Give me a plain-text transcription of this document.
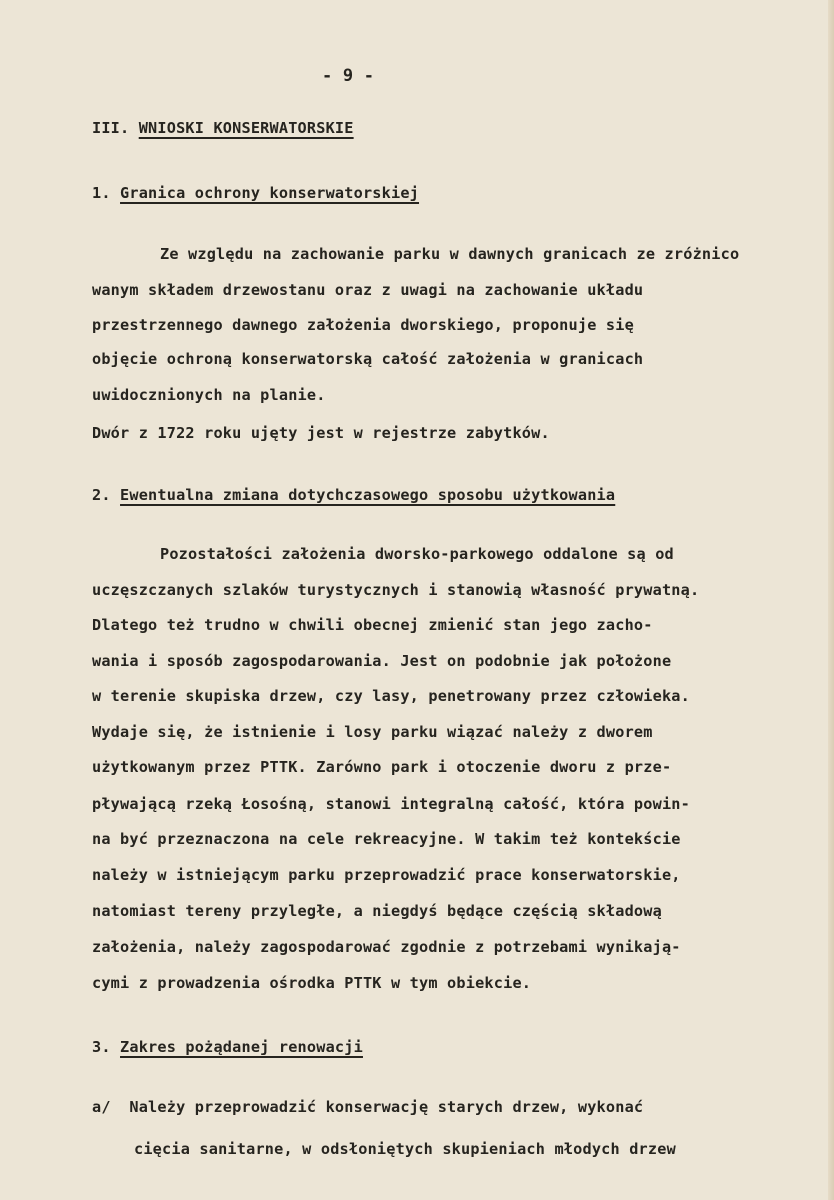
- 9 -
III. WNIOSKI KONSERWATORSKIE
1. Granica ochrony konserwatorskiej
Ze względu na zachowanie parku w dawnych granicach ze zróżnico
wanym składem drzewostanu oraz z uwagi na zachowanie układu
przestrzennego dawnego założenia dworskiego, proponuje się
objęcie ochroną konserwatorską całość założenia w granicach
uwidocznionych na planie.
Dwór z 1722 roku ujęty jest w rejestrze zabytków.
2. Ewentualna zmiana dotychczasowego sposobu użytkowania
Pozostałości założenia dworsko-parkowego oddalone są od
uczęszczanych szlaków turystycznych i stanowią własność prywatną.
Dlatego też trudno w chwili obecnej zmienić stan jego zacho-
wania i sposób zagospodarowania. Jest on podobnie jak położone
w terenie skupiska drzew, czy lasy, penetrowany przez człowieka.
Wydaje się, że istnienie i losy parku wiązać należy z dworem
użytkowanym przez PTTK. Zarówno park i otoczenie dworu z prze-
pływającą rzeką Łosośną, stanowi integralną całość, która powin-
na być przeznaczona na cele rekreacyjne. W takim też kontekście
należy w istniejącym parku przeprowadzić prace konserwatorskie,
natomiast tereny przyległe, a niegdyś będące częścią składową
założenia, należy zagospodarować zgodnie z potrzebami wynikają-
cymi z prowadzenia ośrodka PTTK w tym obiekcie.
3. Zakres pożądanej renowacji
a/ Należy przeprowadzić konserwację starych drzew, wykonać
cięcia sanitarne, w odsłoniętych skupieniach młodych drzew
